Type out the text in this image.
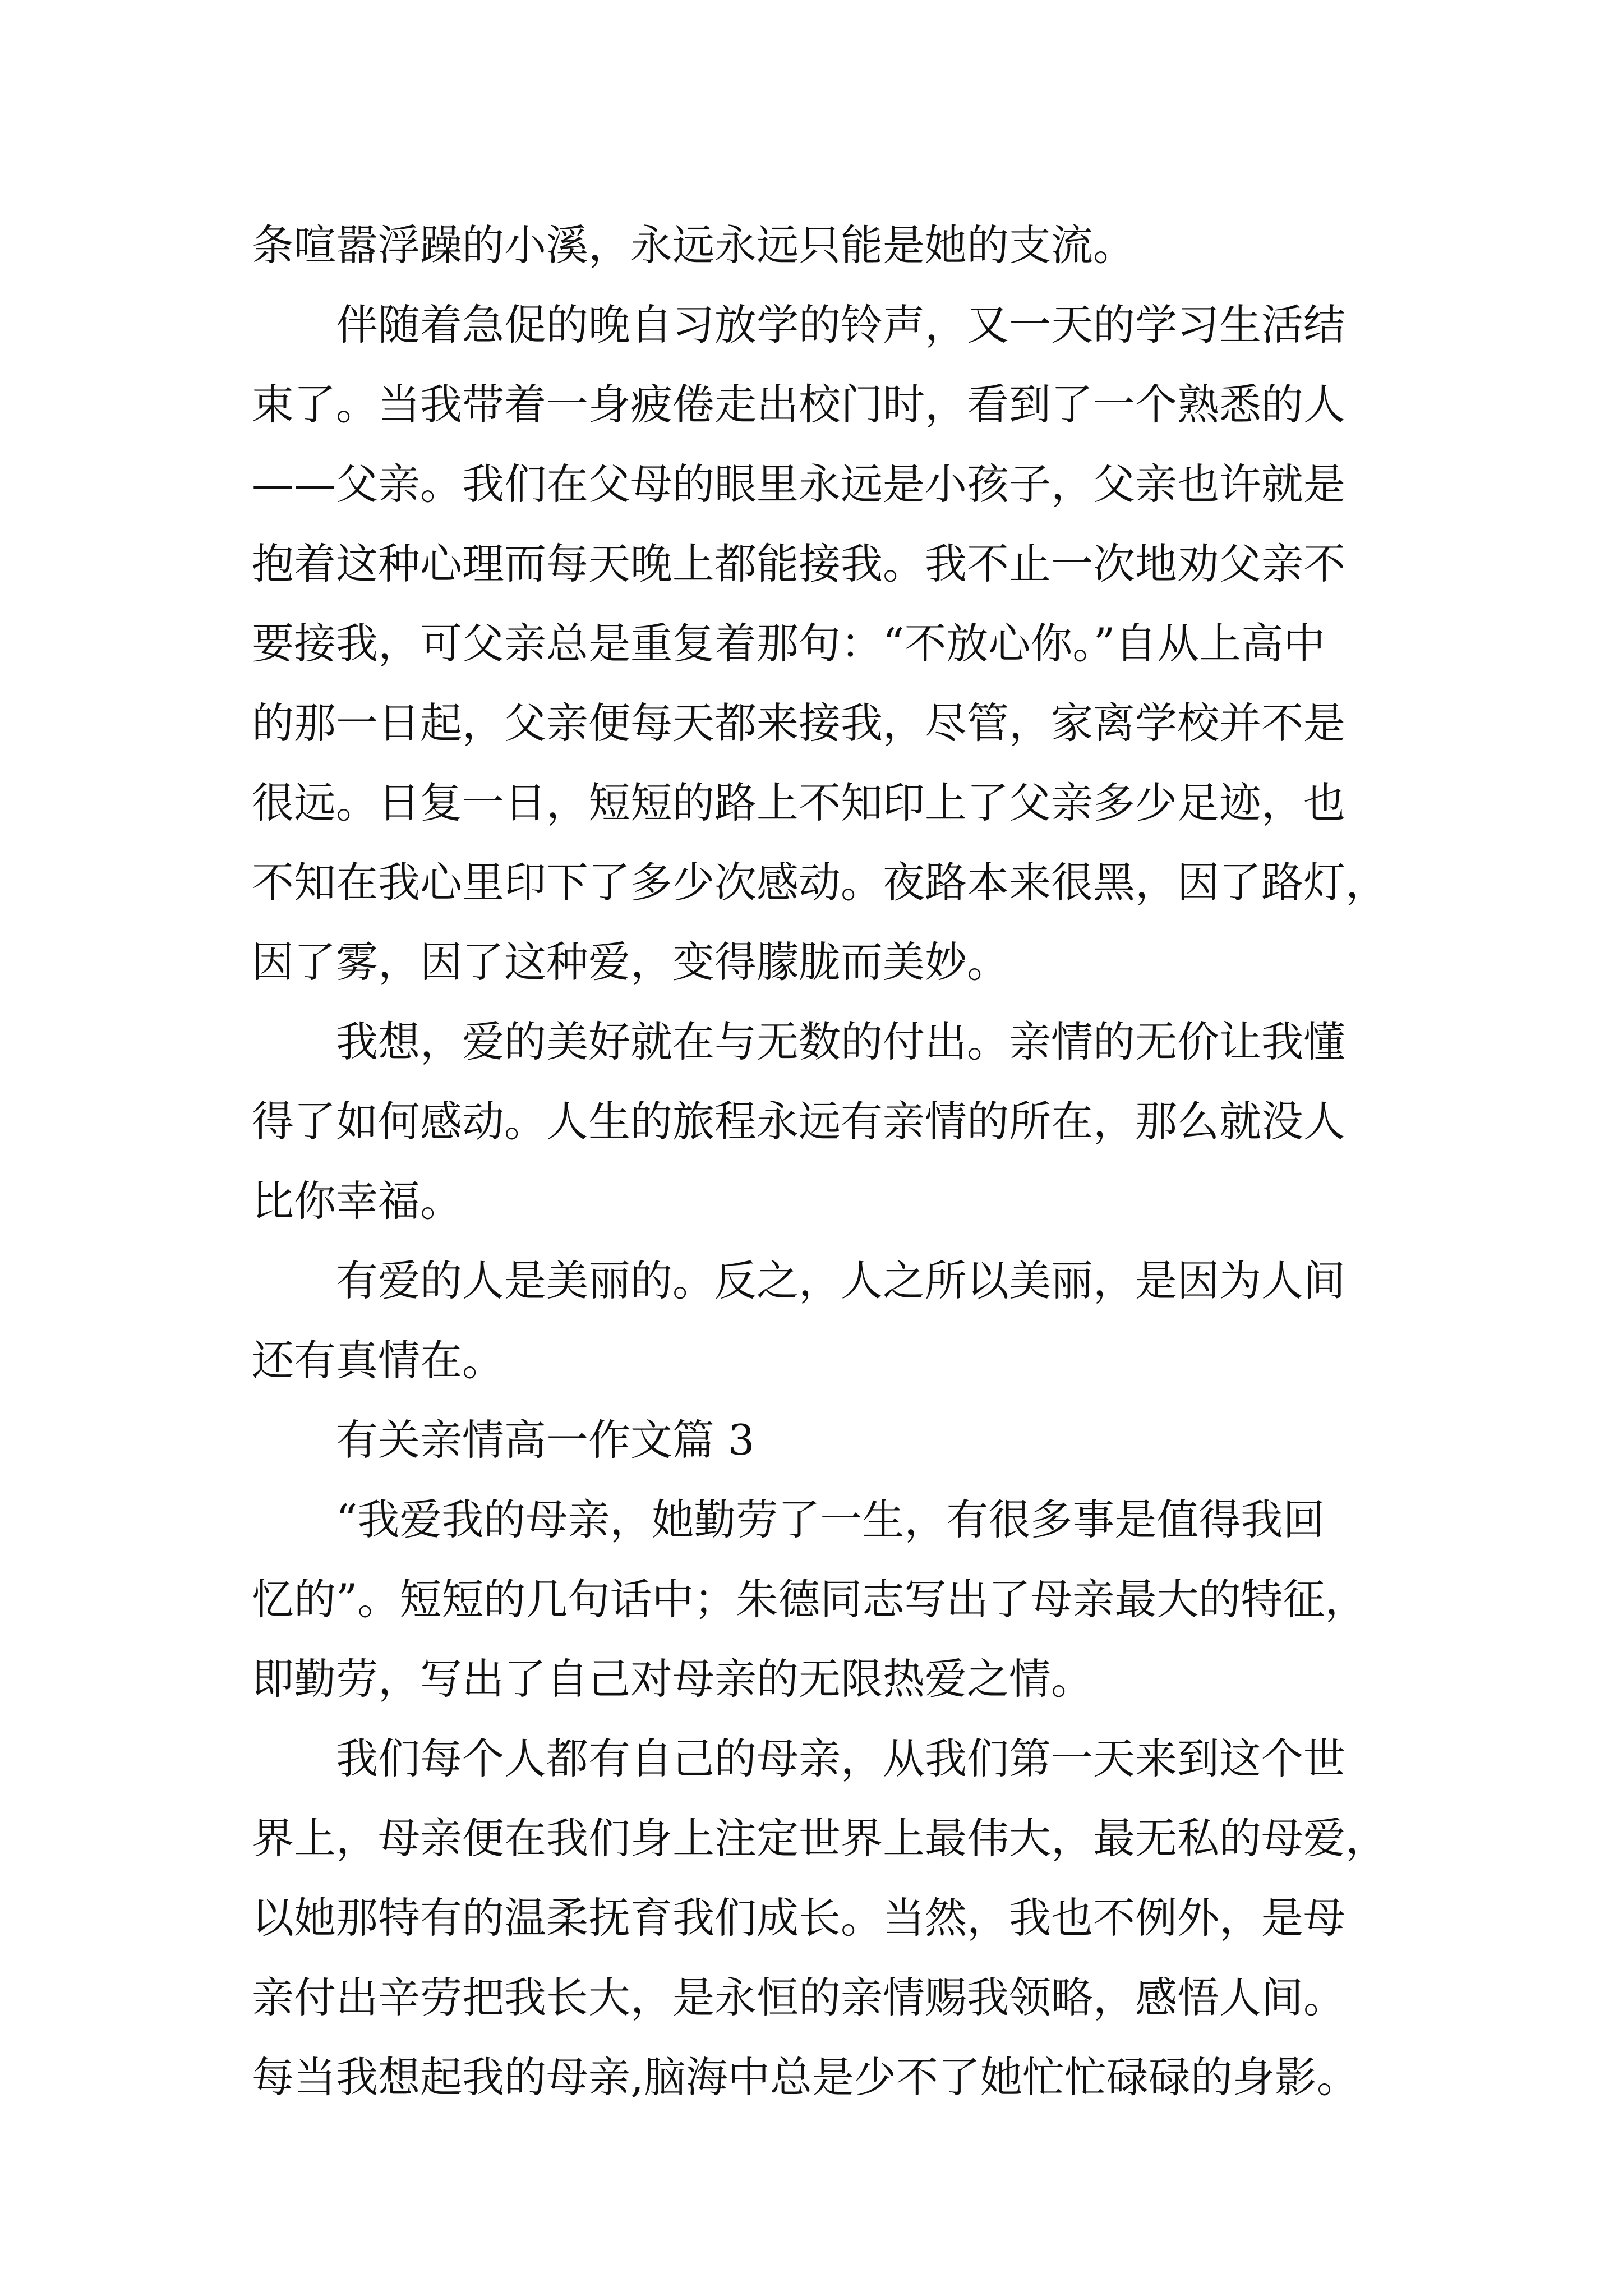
条喧嚣浮躁的小溪，永远永远只能是她的支流。
伴随着急促的晚自习放学的铃声，又一天的学习生活结
束了。当我带着一身疲倦走出校门时，看到了一个熟悉的人
——父亲。我们在父母的眼里永远是小孩子，父亲也许就是
抱着这种心理而每天晚上都能接我。我不止一次地劝父亲不
要接我，可父亲总是重复着那句：“不放心你。”自从上高中
的那一日起，父亲便每天都来接我，尽管，家离学校并不是
很远。日复一日，短短的路上不知印上了父亲多少足迹，也
不知在我心里印下了多少次感动。夜路本来很黑，因了路灯，
因了雾，因了这种爱，变得朦胧而美妙。
我想，爱的美好就在与无数的付出。亲情的无价让我懂
得了如何感动。人生的旅程永远有亲情的所在，那么就没人
比你幸福。
有爱的人是美丽的。反之，人之所以美丽，是因为人间
还有真情在。
有关亲情高一作文篇 3
“我爱我的母亲，她勤劳了一生，有很多事是值得我回
忆的”。短短的几句话中；朱德同志写出了母亲最大的特征，
即勤劳，写出了自己对母亲的无限热爱之情。
我们每个人都有自己的母亲，从我们第一天来到这个世
界上，母亲便在我们身上注定世界上最伟大，最无私的母爱，
以她那特有的温柔抚育我们成长。当然，我也不例外，是母
亲付出辛劳把我长大，是永恒的亲情赐我领略，感悟人间。
每当我想起我的母亲,脑海中总是少不了她忙忙碌碌的身影。
